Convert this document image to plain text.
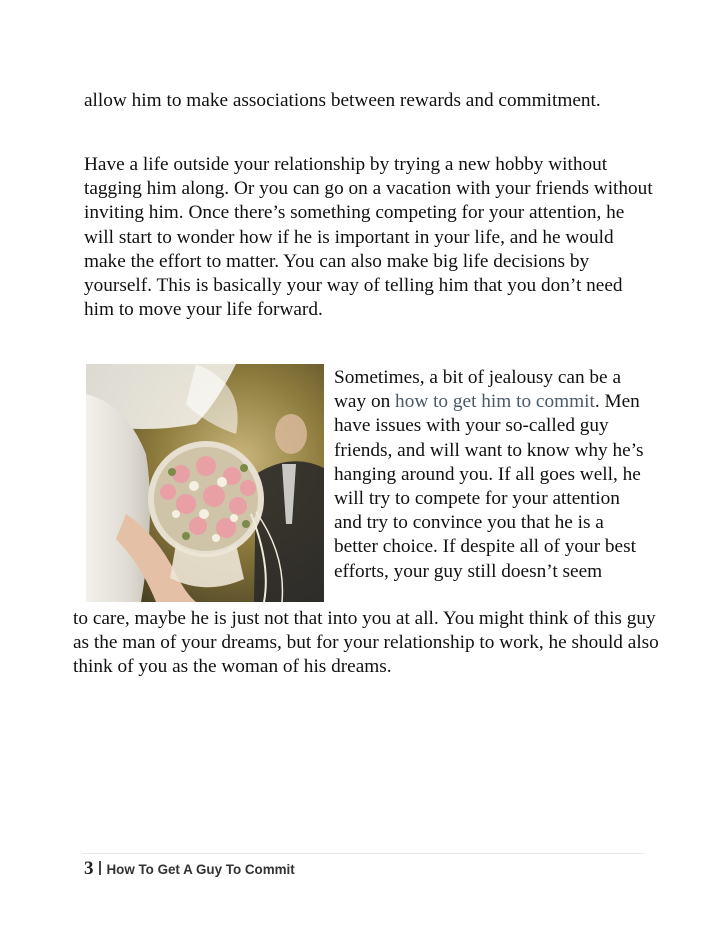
allow him to make associations between rewards and commitment.

Have a life outside your relationship by trying a new hobby without tagging him along. Or you can go on a vacation with your friends without inviting him. Once there’s something competing for your attention, he will start to wonder how if he is important in your life, and he would make the effort to matter. You can also make big life decisions by yourself. This is basically your way of telling him that you don’t need him to move your life forward.

Sometimes, a bit of jealousy can be a way on how to get him to commit. Men have issues with your so-called guy friends, and will want to know why he’s hanging around you. If all goes well, he will try to compete for your attention and try to convince you that he is a better choice. If despite all of your best efforts, your guy still doesn’t seem

to care, maybe he is just not that into you at all. You might think of this guy as the man of your dreams, but for your relationship to work, he should also think of you as the woman of his dreams.

3 How To Get A Guy To Commit
